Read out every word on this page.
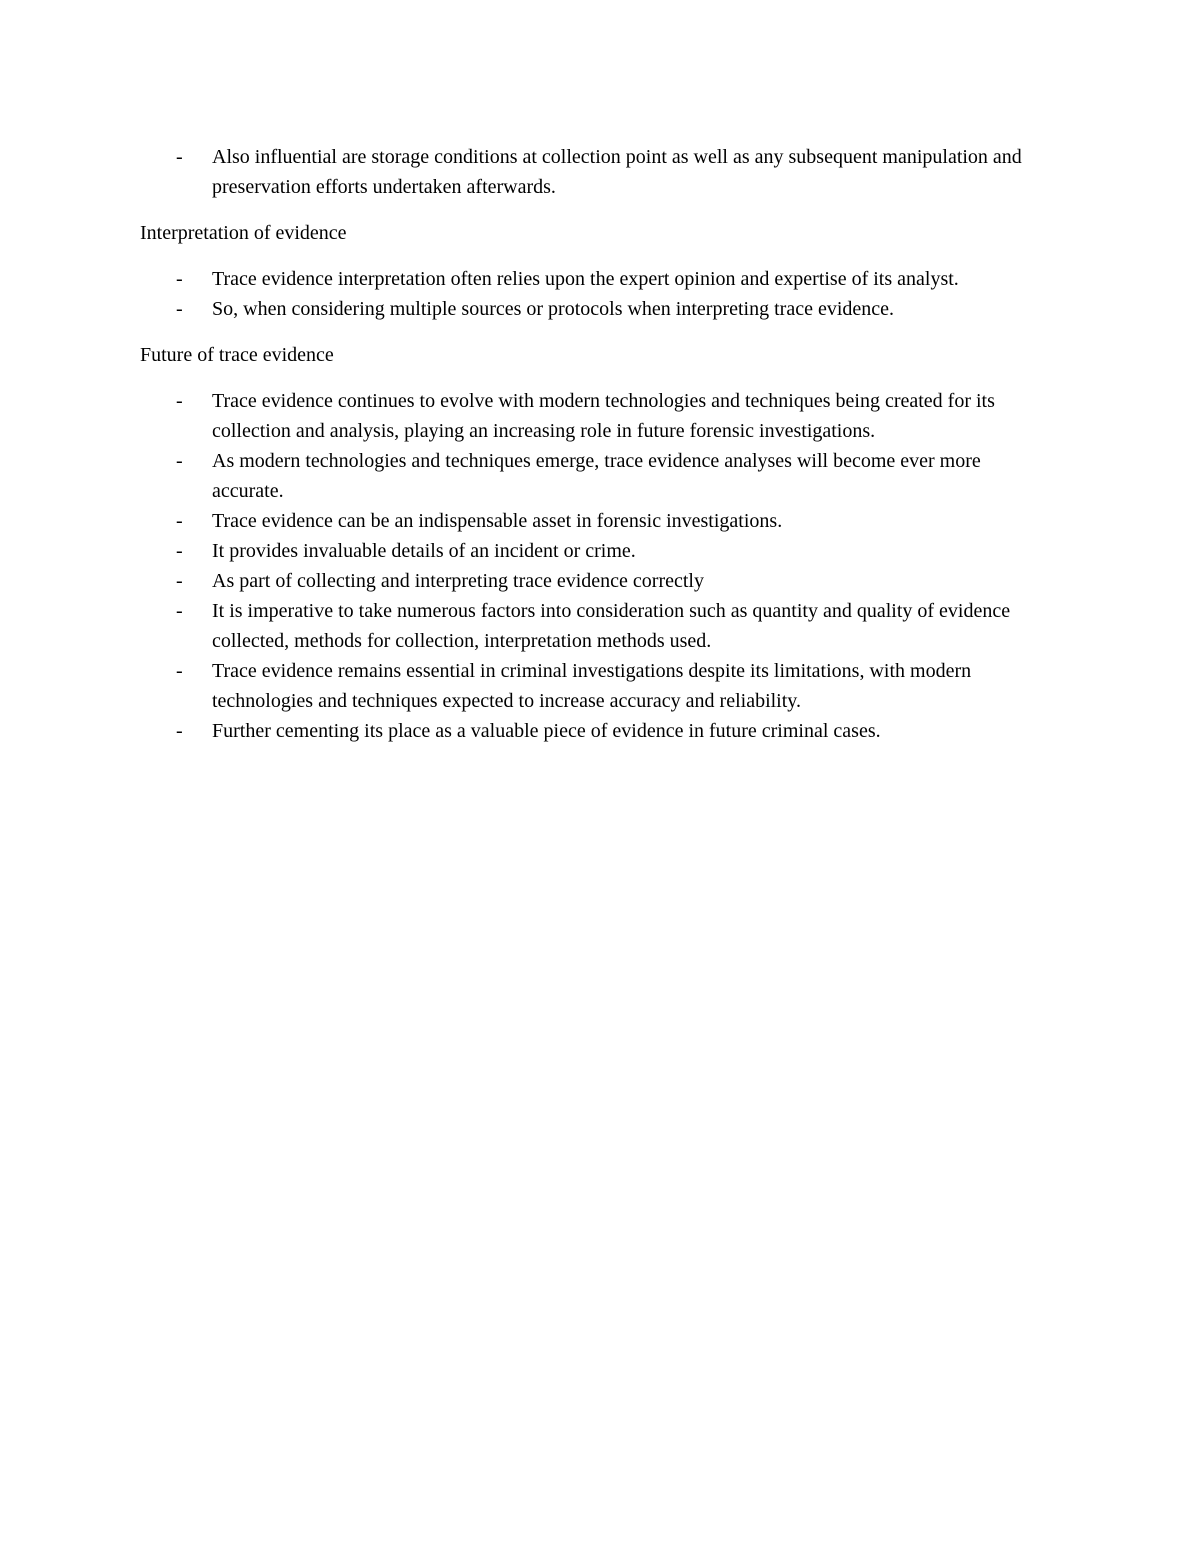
-	Also influential are storage conditions at collection point as well as any subsequent manipulation and preservation efforts undertaken afterwards.
Interpretation of evidence
-	Trace evidence interpretation often relies upon the expert opinion and expertise of its analyst.
-	So, when considering multiple sources or protocols when interpreting trace evidence.
Future of trace evidence
-	Trace evidence continues to evolve with modern technologies and techniques being created for its collection and analysis, playing an increasing role in future forensic investigations.
-	As modern technologies and techniques emerge, trace evidence analyses will become ever more accurate.
-	Trace evidence can be an indispensable asset in forensic investigations.
-	It provides invaluable details of an incident or crime.
-	As part of collecting and interpreting trace evidence correctly
-	It is imperative to take numerous factors into consideration such as quantity and quality of evidence collected, methods for collection, interpretation methods used.
-	Trace evidence remains essential in criminal investigations despite its limitations, with modern technologies and techniques expected to increase accuracy and reliability.
-	Further cementing its place as a valuable piece of evidence in future criminal cases.
